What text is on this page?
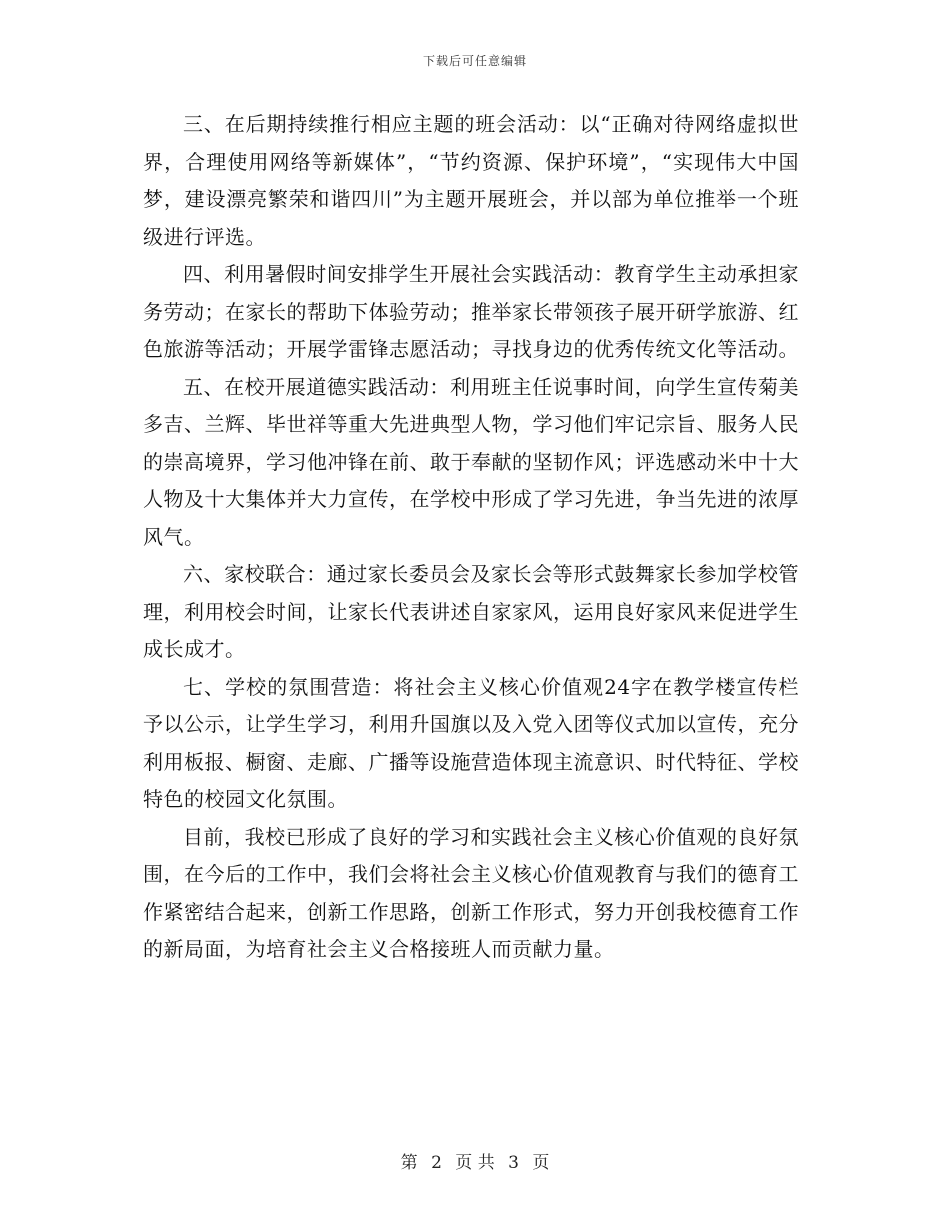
下载后可任意编辑

三、在后期持续推行相应主题的班会活动：以“正确对待网络虚拟世界，合理使用网络等新媒体”，“节约资源、保护环境”，“实现伟大中国梦，建设漂亮繁荣和谐四川”为主题开展班会，并以部为单位推举一个班级进行评选。

四、利用暑假时间安排学生开展社会实践活动：教育学生主动承担家务劳动；在家长的帮助下体验劳动；推举家长带领孩子展开研学旅游、红色旅游等活动；开展学雷锋志愿活动；寻找身边的优秀传统文化等活动。

五、在校开展道德实践活动：利用班主任说事时间，向学生宣传菊美多吉、兰辉、毕世祥等重大先进典型人物，学习他们牢记宗旨、服务人民的崇高境界，学习他冲锋在前、敢于奉献的坚韧作风；评选感动米中十大人物及十大集体并大力宣传，在学校中形成了学习先进，争当先进的浓厚风气。

六、家校联合：通过家长委员会及家长会等形式鼓舞家长参加学校管理，利用校会时间，让家长代表讲述自家家风，运用良好家风来促进学生成长成才。

七、学校的氛围营造：将社会主义核心价值观24字在教学楼宣传栏予以公示，让学生学习，利用升国旗以及入党入团等仪式加以宣传，充分利用板报、橱窗、走廊、广播等设施营造体现主流意识、时代特征、学校特色的校园文化氛围。

目前，我校已形成了良好的学习和实践社会主义核心价值观的良好氛围，在今后的工作中，我们会将社会主义核心价值观教育与我们的德育工作紧密结合起来，创新工作思路，创新工作形式，努力开创我校德育工作的新局面，为培育社会主义合格接班人而贡献力量。

第 2 页 共 3 页
